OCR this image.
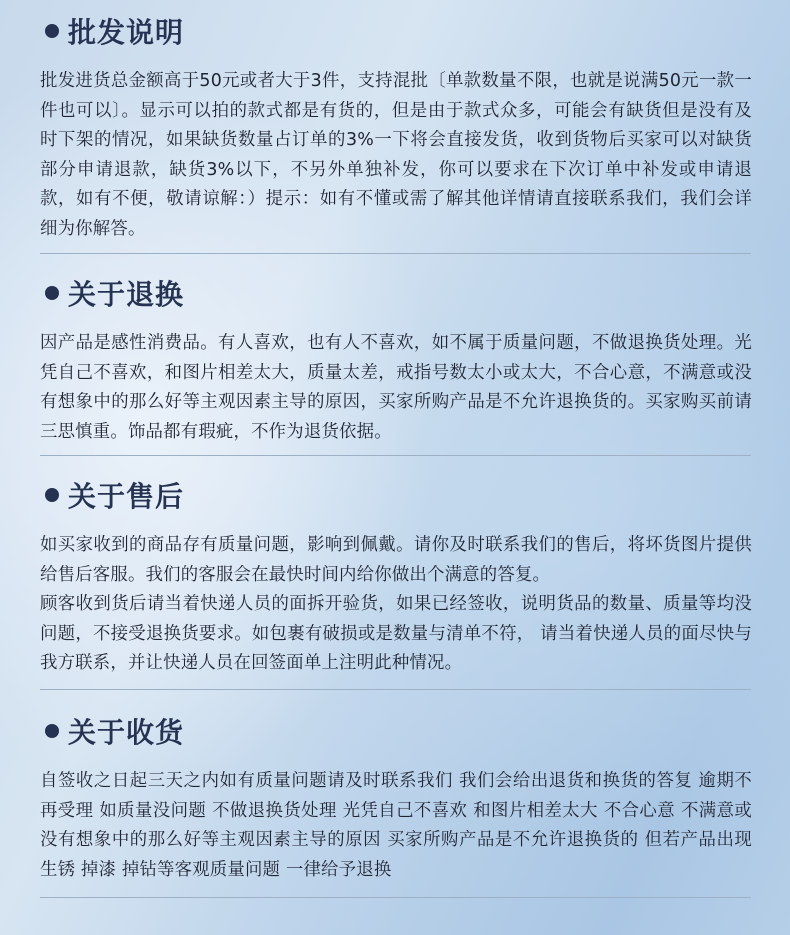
批发说明

批发进货总金额高于50元或者大于3件，支持混批〔单款数量不限，也就是说满50元一款一件也可以〕。显示可以拍的款式都是有货的，但是由于款式众多，可能会有缺货但是没有及时下架的情况，如果缺货数量占订单的3%一下将会直接发货，收到货物后买家可以对缺货部分申请退款，缺货3%以下，不另外单独补发，你可以要求在下次订单中补发或申请退款，如有不便，敬请谅解：）提示：如有不懂或需了解其他详情请直接联系我们，我们会详细为你解答。

关于退换

因产品是感性消费品。有人喜欢，也有人不喜欢，如不属于质量问题，不做退换货处理。光凭自己不喜欢，和图片相差太大，质量太差，戒指号数太小或太大，不合心意，不满意或没有想象中的那么好等主观因素主导的原因，买家所购产品是不允许退换货的。买家购买前请三思慎重。饰品都有瑕疵，不作为退货依据。

关于售后

如买家收到的商品存有质量问题，影响到佩戴。请你及时联系我们的售后，将坏货图片提供给售后客服。我们的客服会在最快时间内给你做出个满意的答复。

顾客收到货后请当着快递人员的面拆开验货，如果已经签收，说明货品的数量、质量等均没问题，不接受退换货要求。如包裹有破损或是数量与清单不符， 请当着快递人员的面尽快与我方联系，并让快递人员在回签面单上注明此种情况。

关于收货

自签收之日起三天之内如有质量问题请及时联系我们 我们会给出退货和换货的答复 逾期不再受理 如质量没问题 不做退换货处理 光凭自己不喜欢 和图片相差太大 不合心意 不满意或没有想象中的那么好等主观因素主导的原因 买家所购产品是不允许退换货的 但若产品出现生锈 掉漆 掉钻等客观质量问题 一律给予退换
